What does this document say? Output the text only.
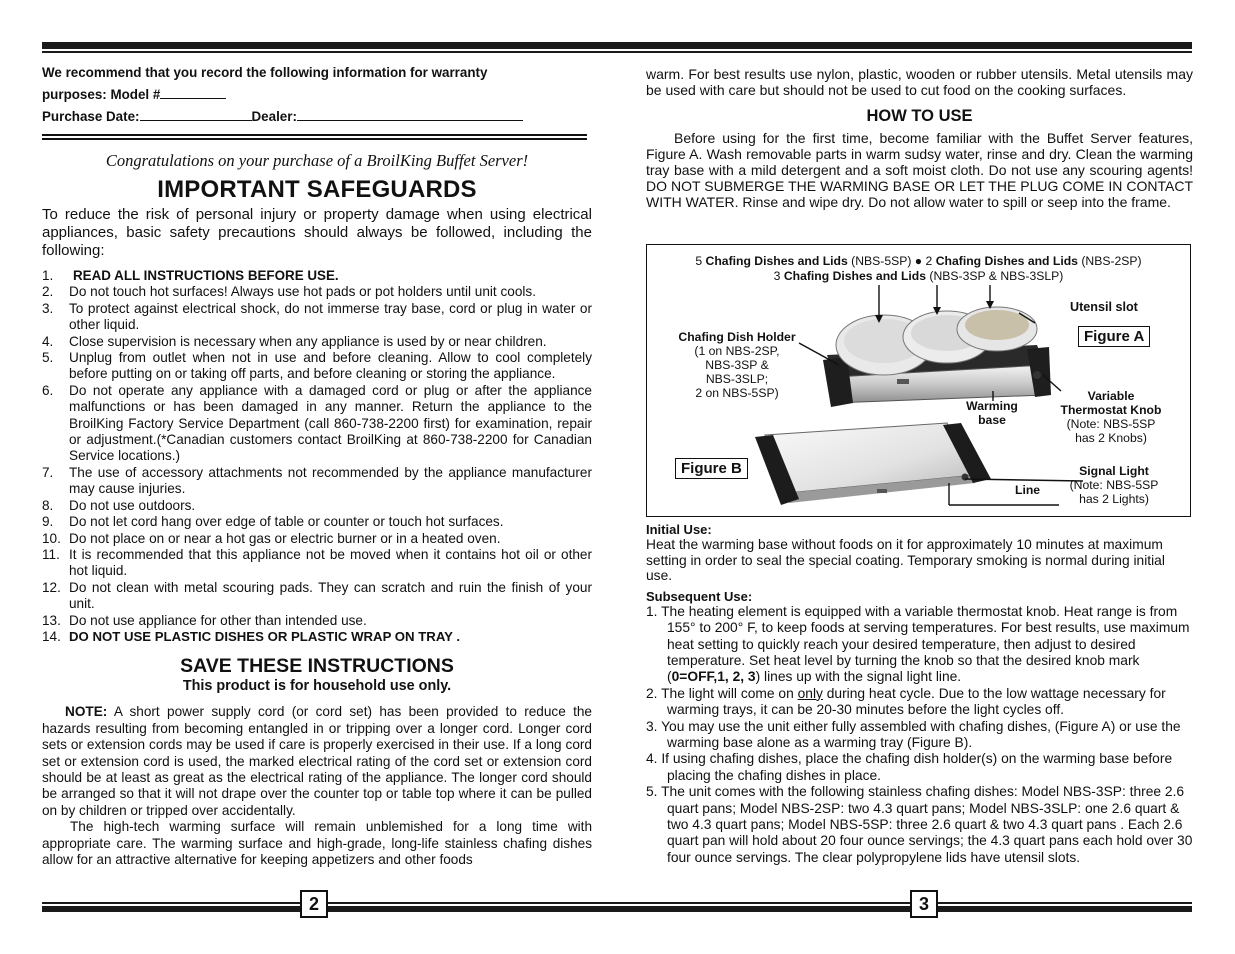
We recommend that you record the following information for warranty
purposes: Model #
Purchase Date:	Dealer:
Congratulations on your purchase of a BroilKing Buffet Server!
IMPORTANT SAFEGUARDS
To reduce the risk of personal injury or property damage when using electrical appliances, basic safety precautions should always be followed, including the following:
1.	READ ALL INSTRUCTIONS BEFORE USE.
2.	Do not touch hot surfaces! Always use hot pads or pot holders until unit cools.
3.	To protect against electrical shock, do not immerse tray base, cord or plug in water or other liquid.
4.	Close supervision is necessary when any appliance is used by or near children.
5.	Unplug from outlet when not in use and before cleaning. Allow to cool completely before putting on or taking off parts, and before cleaning or storing the appliance.
6.	Do not operate any appliance with a damaged cord or plug or after the appliance malfunctions or has been damaged in any manner. Return the appliance to the BroilKing Factory Service Department (call 860-738-2200 first) for examination, repair or adjustment.(*Canadian customers contact BroilKing at 860-738-2200 for Canadian Service locations.)
7.	The use of accessory attachments not recommended by the appliance manufacturer may cause injuries.
8.	Do not use outdoors.
9.	Do not let cord hang over edge of table or counter or touch hot surfaces.
10. Do not place on or near a hot gas or electric burner or in a heated oven.
11. It is recommended that this appliance not be moved when it contains hot oil or other hot liquid.
12. Do not clean with metal scouring pads. They can scratch and ruin the finish of your unit.
13. Do not use appliance for other than intended use.
14. DO NOT USE PLASTIC DISHES OR PLASTIC WRAP ON TRAY .
SAVE THESE INSTRUCTIONS
This product is for household use only.
NOTE: A short power supply cord (or cord set) has been provided to reduce the hazards resulting from becoming entangled in or tripping over a longer cord. Longer cord sets or extension cords may be used if care is properly exercised in their use. If a long cord set or extension cord is used, the marked electrical rating of the cord set or extension cord should be at least as great as the electrical rating of the appliance. The longer cord should be arranged so that it will not drape over the counter top or table top where it can be pulled on by children or tripped over accidentally.
The high-tech warming surface will remain unblemished for a long time with appropriate care. The warming surface and high-grade, long-life stainless chafing dishes allow for an attractive alternative for keeping appetizers and other foods
warm. For best results use nylon, plastic, wooden or rubber utensils. Metal utensils may be used with care but should not be used to cut food on the cooking surfaces.
HOW TO USE
Before using for the first time, become familiar with the Buffet Server features, Figure A. Wash removable parts in warm sudsy water, rinse and dry. Clean the warming tray base with a mild detergent and a soft moist cloth. Do not use any scouring agents! DO NOT SUBMERGE THE WARMING BASE OR LET THE PLUG COME IN CONTACT WITH WATER. Rinse and wipe dry. Do not allow water to spill or seep into the frame.
5 Chafing Dishes and Lids (NBS-5SP) ● 2 Chafing Dishes and Lids (NBS-2SP)
3 Chafing Dishes and Lids (NBS-3SP & NBS-3SLP)
Utensil slot
Figure A
Figure B
Chafing Dish Holder
(1 on NBS-2SP,
NBS-3SP &
NBS-3SLP;
2 on NBS-5SP)
Warming
base
Variable
Thermostat Knob
(Note: NBS-5SP
has 2 Knobs)
Signal Light
(Note: NBS-5SP
has 2 Lights)
Line
Initial Use:
Heat the warming base without foods on it for approximately 10 minutes at maximum setting in order to seal the special coating. Temporary smoking is normal during initial use.
Subsequent Use:
1. The heating element is equipped with a variable thermostat knob. Heat range is from 155° to 200° F, to keep foods at serving temperatures. For best results, use maximum heat setting to quickly reach your desired temperature, then adjust to desired temperature. Set heat level by turning the knob so that the desired knob mark (0=OFF,1, 2, 3) lines up with the signal light line.
2. The light will come on only during heat cycle. Due to the low wattage necessary for warming trays, it can be 20-30 minutes before the light cycles off.
3. You may use the unit either fully assembled with chafing dishes, (Figure A) or use the warming base alone as a warming tray (Figure B).
4. If using chafing dishes, place the chafing dish holder(s) on the warming base before placing the chafing dishes in place.
5. The unit comes with the following stainless chafing dishes: Model NBS-3SP: three 2.6 quart pans; Model NBS-2SP: two 4.3 quart pans; Model NBS-3SLP: one 2.6 quart & two 4.3 quart pans; Model NBS-5SP: three 2.6 quart & two 4.3 quart pans . Each 2.6 quart pan will hold about 20 four ounce servings; the 4.3 quart pans each hold over 30 four ounce servings. The clear polypropylene lids have utensil slots.
2	3
